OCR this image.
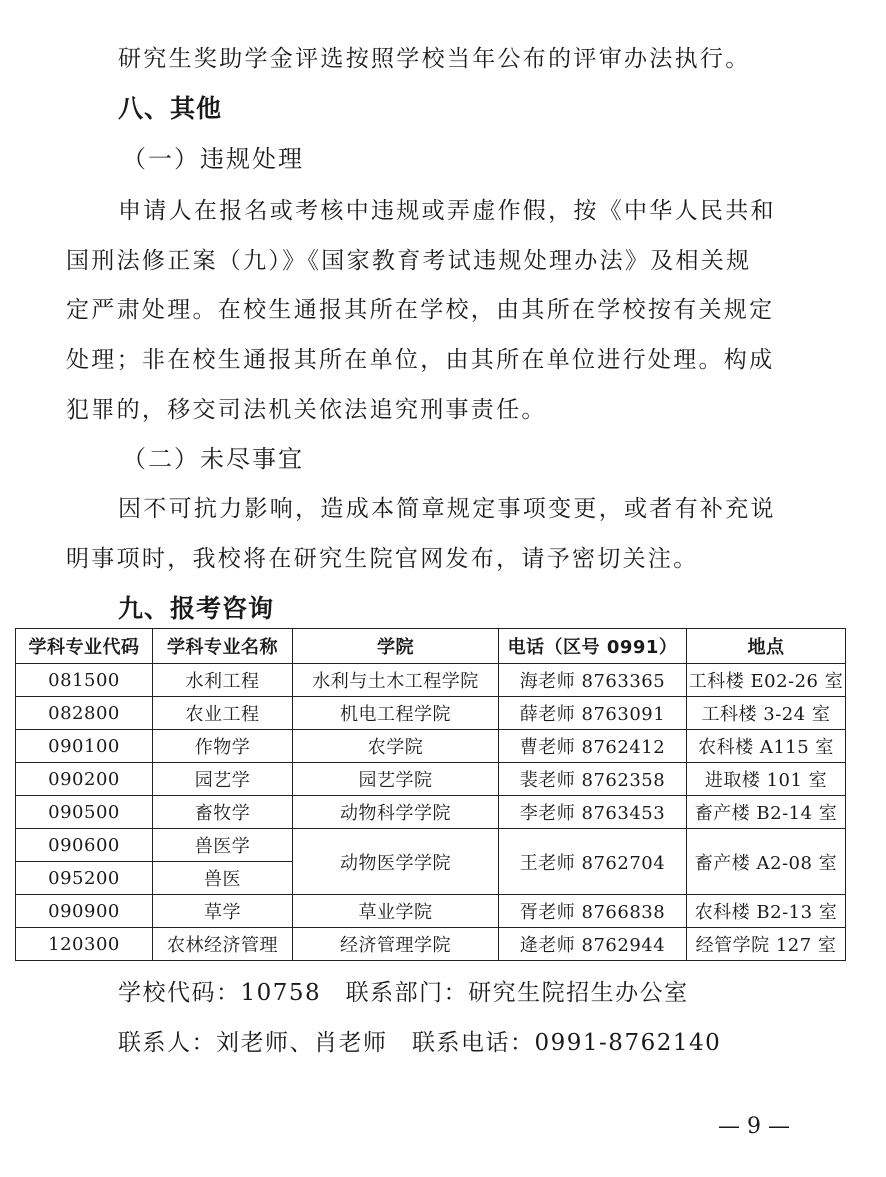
研究生奖助学金评选按照学校当年公布的评审办法执行。
八、其他
（一）违规处理
申请人在报名或考核中违规或弄虚作假，按《中华人民共和
国刑法修正案（九）》《国家教育考试违规处理办法》及相关规
定严肃处理。在校生通报其所在学校，由其所在学校按有关规定
处理；非在校生通报其所在单位，由其所在单位进行处理。构成
犯罪的，移交司法机关依法追究刑事责任。
（二）未尽事宜
因不可抗力影响，造成本简章规定事项变更，或者有补充说
明事项时，我校将在研究生院官网发布，请予密切关注。
九、报考咨询
学科专业代码	学科专业名称	学院	电话（区号 0991）	地点
081500	水利工程	水利与土木工程学院	海老师 8763365	工科楼 E02-26 室
082800	农业工程	机电工程学院	薛老师 8763091	工科楼 3-24 室
090100	作物学	农学院	曹老师 8762412	农科楼 A115 室
090200	园艺学	园艺学院	裴老师 8762358	进取楼 101 室
090500	畜牧学	动物科学学院	李老师 8763453	畜产楼 B2-14 室
090600	兽医学	动物医学学院	王老师 8762704	畜产楼 A2-08 室
095200	兽医			
090900	草学	草业学院	胥老师 8766838	农科楼 B2-13 室
120300	农林经济管理	经济管理学院	逄老师 8762944	经管学院 127 室
学校代码：10758　联系部门：研究生院招生办公室
联系人：刘老师、肖老师　联系电话：0991-8762140
— 9 —
